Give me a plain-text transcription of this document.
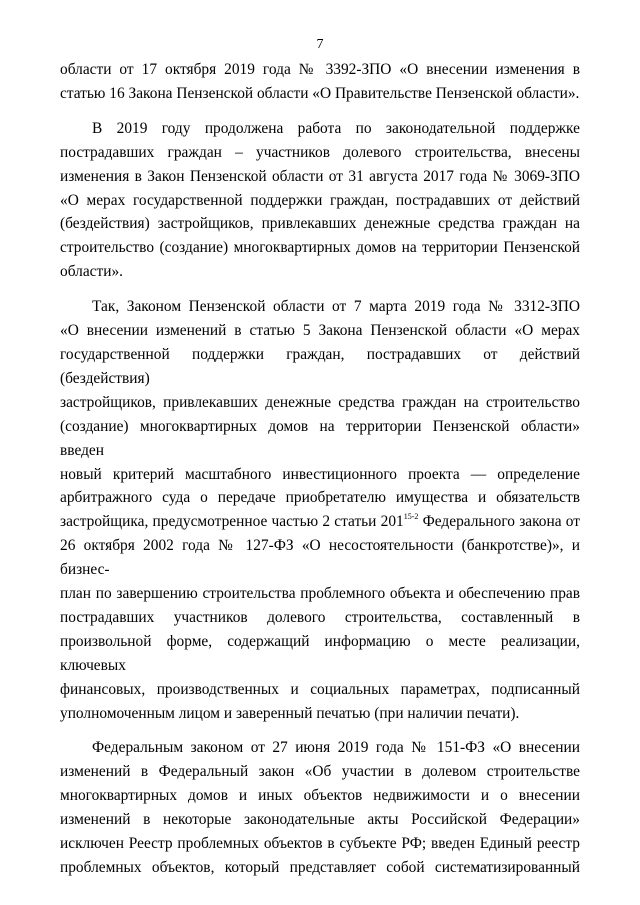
7
области от 17 октября 2019 года № 3392-ЗПО «О внесении изменения в
статью 16 Закона Пензенской области «О Правительстве Пензенской области».
В 2019 году продолжена работа по законодательной поддержке
пострадавших граждан – участников долевого строительства, внесены
изменения в Закон Пензенской области от 31 августа 2017 года № 3069-ЗПО
«О мерах государственной поддержки граждан, пострадавших от действий
(бездействия) застройщиков, привлекавших денежные средства граждан на
строительство (создание) многоквартирных домов на территории Пензенской
области».
Так, Законом Пензенской области от 7 марта 2019 года № 3312-ЗПО
«О внесении изменений в статью 5 Закона Пензенской области «О мерах
государственной поддержки граждан, пострадавших от действий (бездействия)
застройщиков, привлекавших денежные средства граждан на строительство
(создание) многоквартирных домов на территории Пензенской области» введен
новый критерий масштабного инвестиционного проекта — определение
арбитражного суда о передаче приобретателю имущества и обязательств
застройщика, предусмотренное частью 2 статьи 201$^{15-2}$ Федерального закона от
26 октября 2002 года № 127-ФЗ «О несостоятельности (банкротстве)», и бизнес-
план по завершению строительства проблемного объекта и обеспечению прав
пострадавших участников долевого строительства, составленный в
произвольной форме, содержащий информацию о месте реализации, ключевых
финансовых, производственных и социальных параметрах, подписанный
уполномоченным лицом и заверенный печатью (при наличии печати).
Федеральным законом от 27 июня 2019 года № 151-ФЗ «О внесении
изменений в Федеральный закон «Об участии в долевом строительстве
многоквартирных домов и иных объектов недвижимости и о внесении
изменений в некоторые законодательные акты Российской Федерации»
исключен Реестр проблемных объектов в субъекте РФ; введен Единый реестр
проблемных объектов, который представляет собой систематизированный
